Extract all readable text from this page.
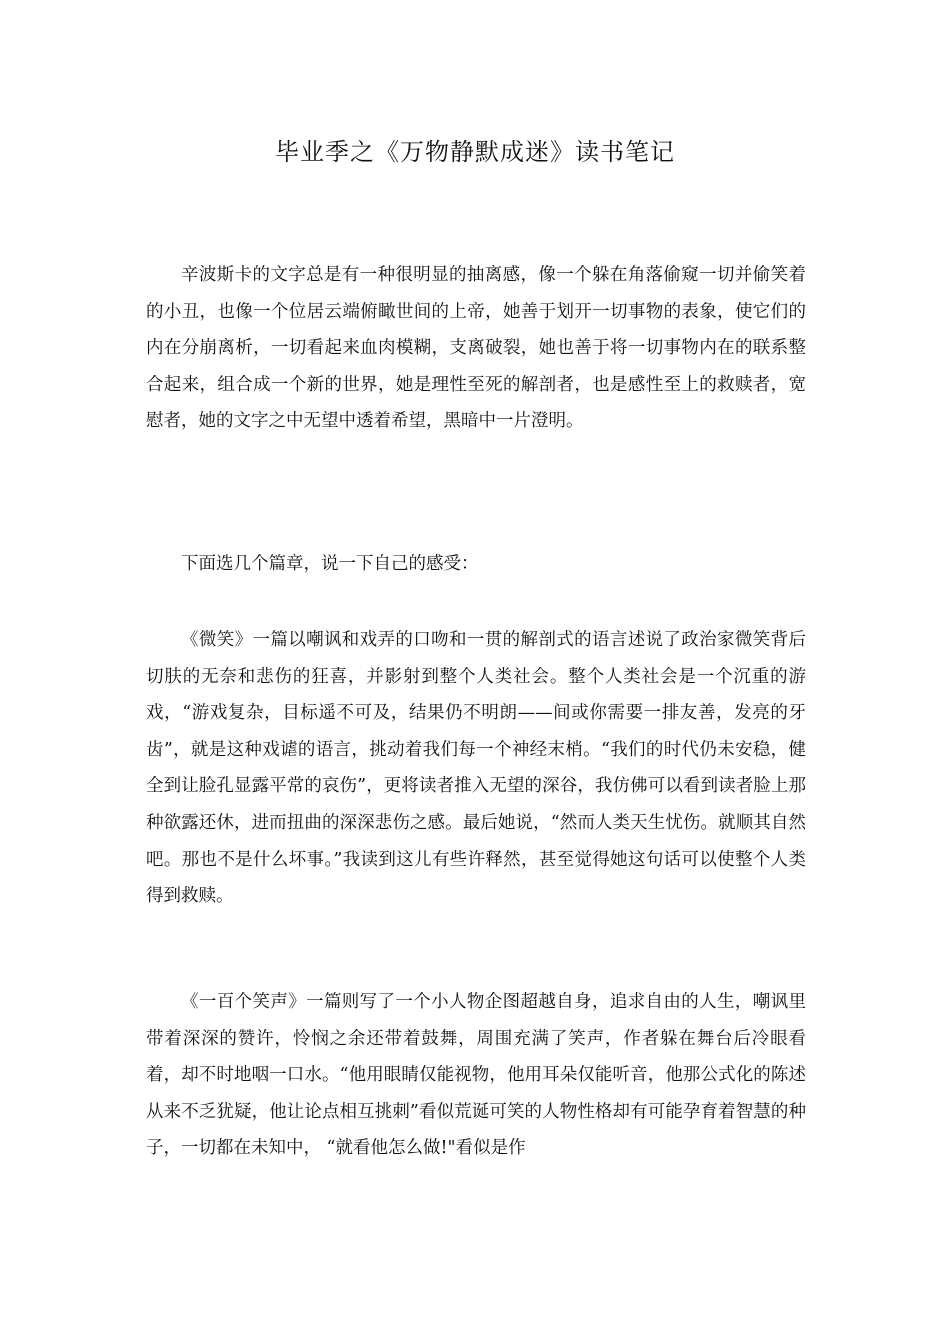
毕业季之《万物静默成迷》读书笔记

辛波斯卡的文字总是有一种很明显的抽离感，像一个躲在角落偷窥一切并偷笑着的小丑，也像一个位居云端俯瞰世间的上帝，她善于划开一切事物的表象，使它们的内在分崩离析，一切看起来血肉模糊，支离破裂，她也善于将一切事物内在的联系整合起来，组合成一个新的世界，她是理性至死的解剖者，也是感性至上的救赎者，宽慰者，她的文字之中无望中透着希望，黑暗中一片澄明。

下面选几个篇章，说一下自己的感受：

《微笑》一篇以嘲讽和戏弄的口吻和一贯的解剖式的语言述说了政治家微笑背后切肤的无奈和悲伤的狂喜，并影射到整个人类社会。整个人类社会是一个沉重的游戏，“游戏复杂，目标遥不可及，结果仍不明朗——间或你需要一排友善，发亮的牙齿”，就是这种戏谑的语言，挑动着我们每一个神经末梢。“我们的时代仍未安稳，健全到让脸孔显露平常的哀伤”，更将读者推入无望的深谷，我仿佛可以看到读者脸上那种欲露还休，进而扭曲的深深悲伤之感。最后她说，“然而人类天生忧伤。就顺其自然吧。那也不是什么坏事。”我读到这儿有些许释然，甚至觉得她这句话可以使整个人类得到救赎。

《一百个笑声》一篇则写了一个小人物企图超越自身，追求自由的人生，嘲讽里带着深深的赞许，怜悯之余还带着鼓舞，周围充满了笑声，作者躲在舞台后冷眼看着，却不时地咽一口水。“他用眼睛仅能视物，他用耳朵仅能听音，他那公式化的陈述从来不乏犹疑，他让论点相互挑刺”看似荒诞可笑的人物性格却有可能孕育着智慧的种子，一切都在未知中， “就看他怎么做!"看似是作
